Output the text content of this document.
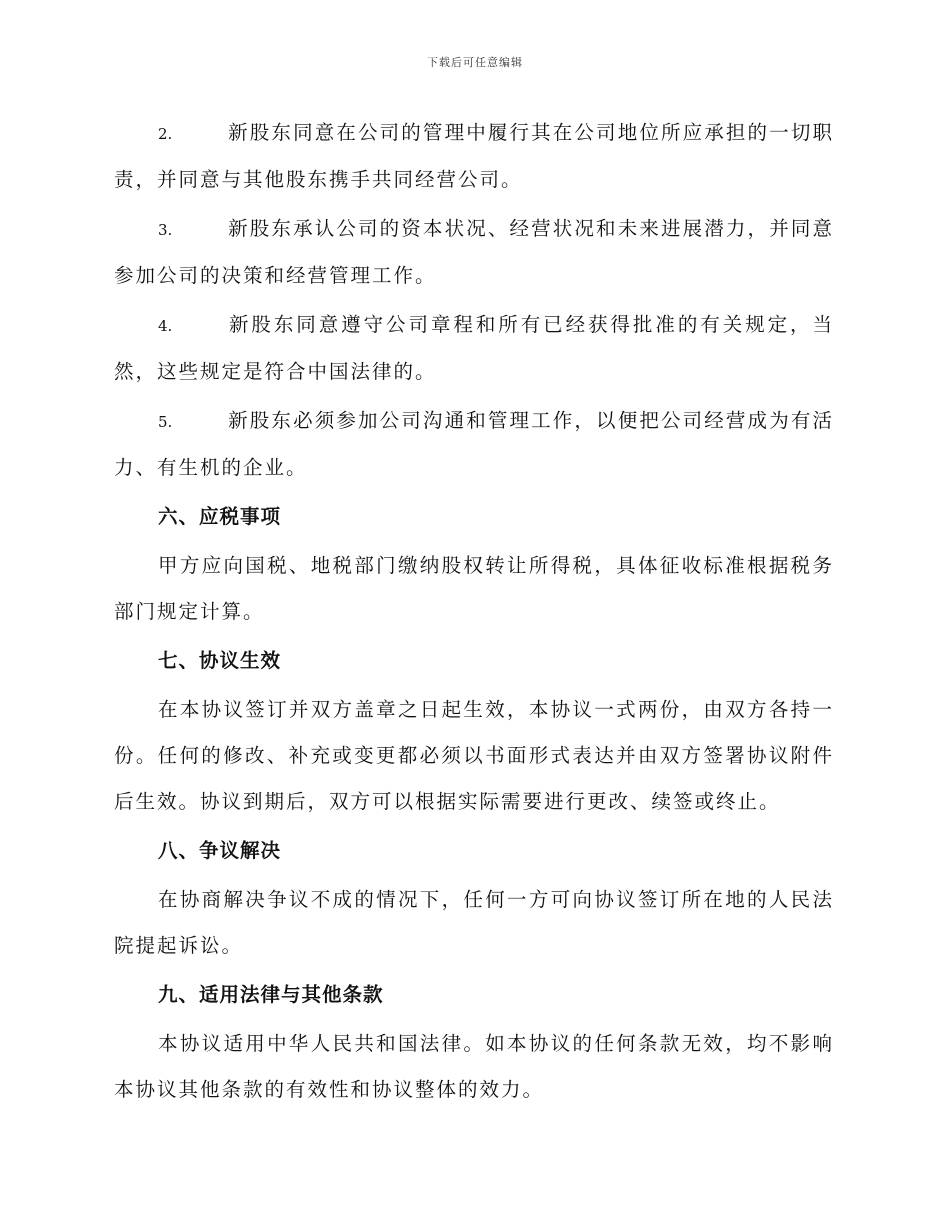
下载后可任意编辑

2.	新股东同意在公司的管理中履行其在公司地位所应承担的一切职责，并同意与其他股东携手共同经营公司。

3.	新股东承认公司的资本状况、经营状况和未来进展潜力，并同意参加公司的决策和经营管理工作。

4.	新股东同意遵守公司章程和所有已经获得批准的有关规定，当然，这些规定是符合中国法律的。

5.	新股东必须参加公司沟通和管理工作，以便把公司经营成为有活力、有生机的企业。

六、应税事项

甲方应向国税、地税部门缴纳股权转让所得税，具体征收标准根据税务部门规定计算。

七、协议生效

在本协议签订并双方盖章之日起生效，本协议一式两份，由双方各持一份。任何的修改、补充或变更都必须以书面形式表达并由双方签署协议附件后生效。协议到期后，双方可以根据实际需要进行更改、续签或终止。

八、争议解决

在协商解决争议不成的情况下，任何一方可向协议签订所在地的人民法院提起诉讼。

九、适用法律与其他条款

本协议适用中华人民共和国法律。如本协议的任何条款无效，均不影响本协议其他条款的有效性和协议整体的效力。
